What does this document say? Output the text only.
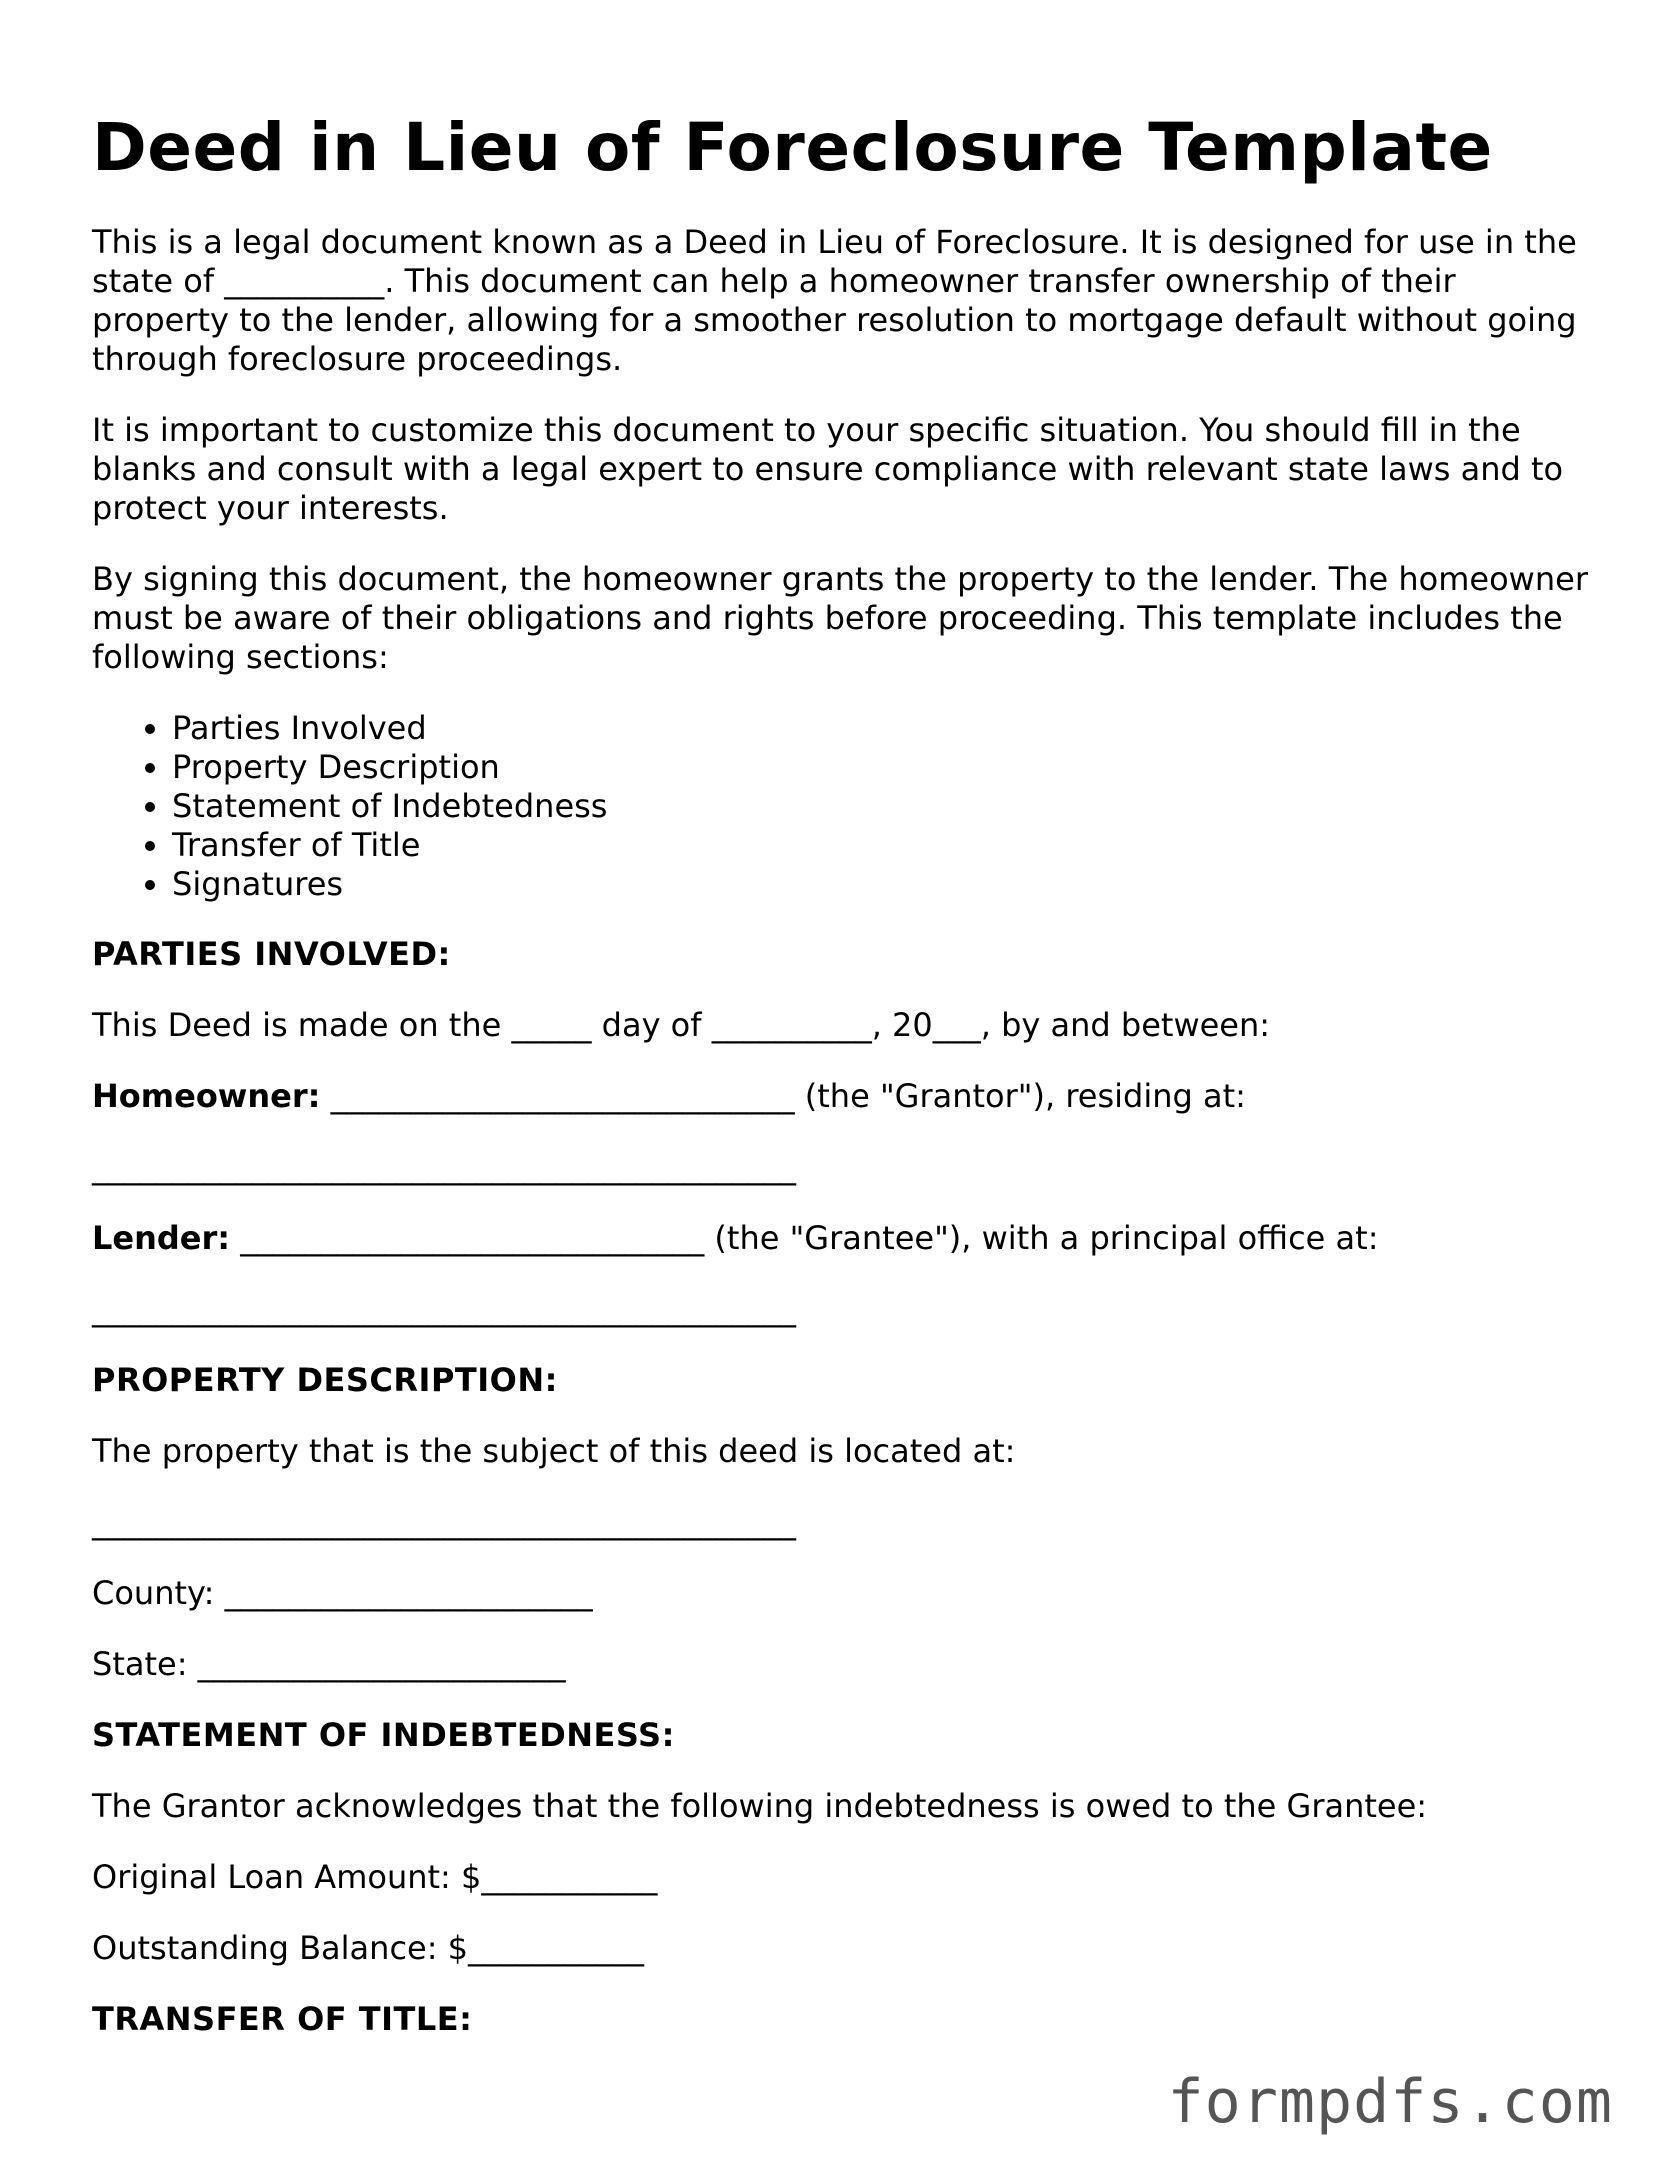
Deed in Lieu of Foreclosure Template

This is a legal document known as a Deed in Lieu of Foreclosure. It is designed for use in the state of __________. This document can help a homeowner transfer ownership of their property to the lender, allowing for a smoother resolution to mortgage default without going through foreclosure proceedings.

It is important to customize this document to your specific situation. You should fill in the blanks and consult with a legal expert to ensure compliance with relevant state laws and to protect your interests.

By signing this document, the homeowner grants the property to the lender. The homeowner must be aware of their obligations and rights before proceeding. This template includes the following sections:

• Parties Involved
• Property Description
• Statement of Indebtedness
• Transfer of Title
• Signatures
PARTIES INVOLVED:

This Deed is made on the _____ day of __________, 20___, by and between:

Homeowner: _____________________________ (the "Grantor"), residing at:

____________________________________________

Lender: _____________________________ (the "Grantee"), with a principal office at:

____________________________________________

PROPERTY DESCRIPTION:

The property that is the subject of this deed is located at:

____________________________________________

County: _______________________

State: _______________________

STATEMENT OF INDEBTEDNESS:

The Grantor acknowledges that the following indebtedness is owed to the Grantee:

Original Loan Amount: $___________

Outstanding Balance: $___________

TRANSFER OF TITLE:
formpdfs.com
